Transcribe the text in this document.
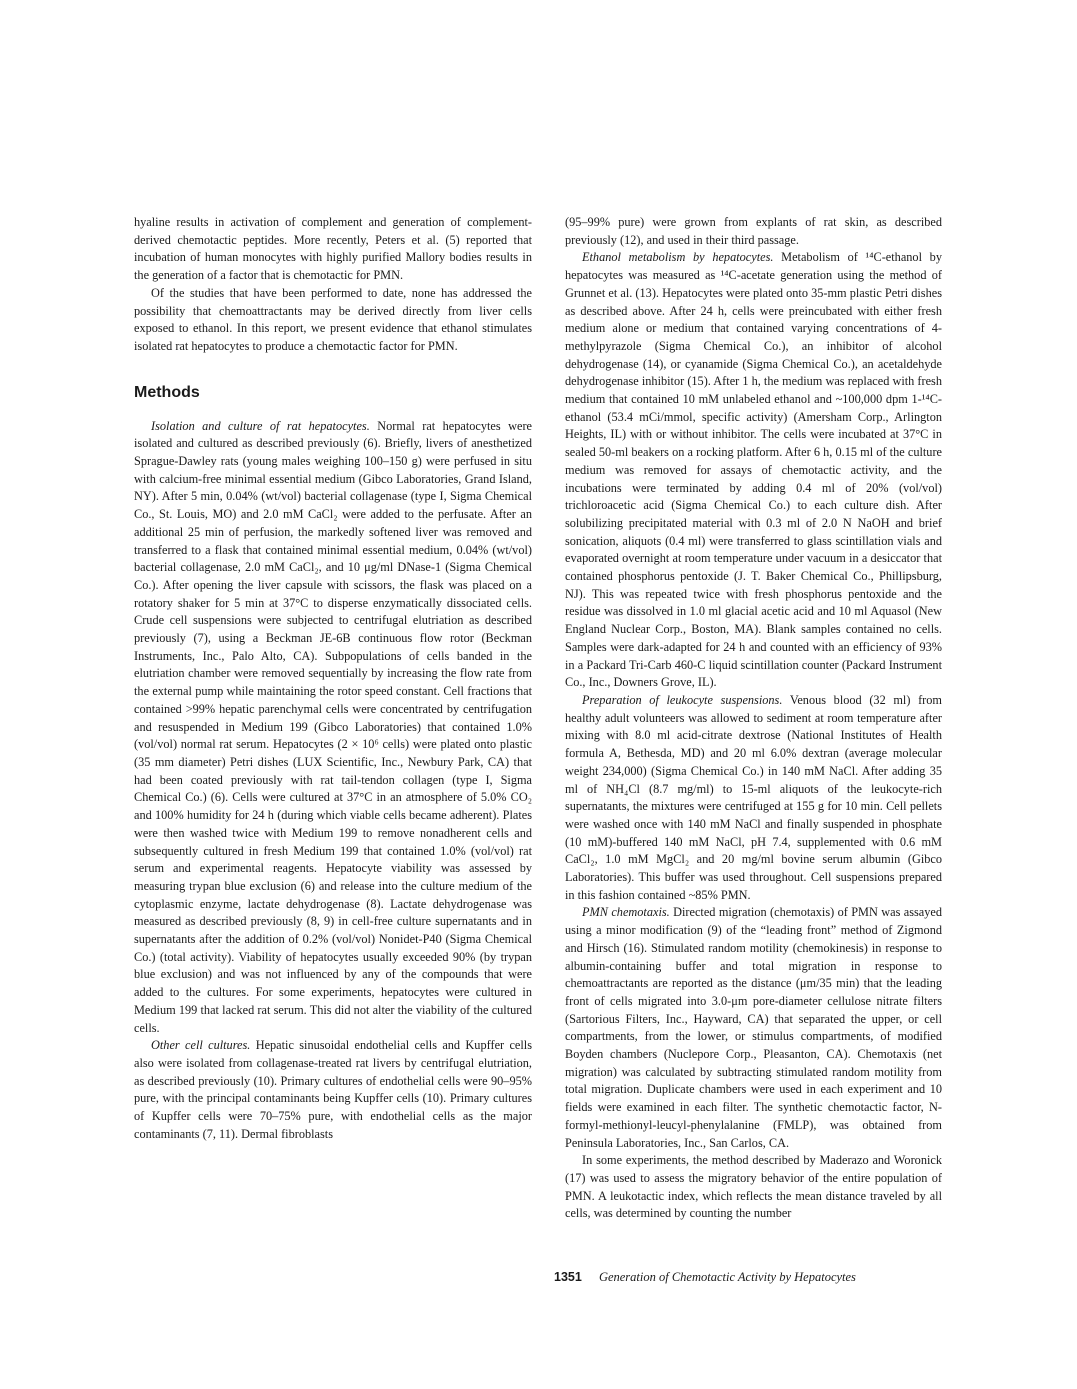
hyaline results in activation of complement and generation of complement-derived chemotactic peptides. More recently, Peters et al. (5) reported that incubation of human monocytes with highly purified Mallory bodies results in the generation of a factor that is chemotactic for PMN.

Of the studies that have been performed to date, none has addressed the possibility that chemoattractants may be derived directly from liver cells exposed to ethanol. In this report, we present evidence that ethanol stimulates isolated rat hepatocytes to produce a chemotactic factor for PMN.

Methods

Isolation and culture of rat hepatocytes. Normal rat hepatocytes were isolated and cultured as described previously (6). Briefly, livers of anesthetized Sprague-Dawley rats (young males weighing 100–150 g) were perfused in situ with calcium-free minimal essential medium (Gibco Laboratories, Grand Island, NY). After 5 min, 0.04% (wt/vol) bacterial collagenase (type I, Sigma Chemical Co., St. Louis, MO) and 2.0 mM CaCl₂ were added to the perfusate. After an additional 25 min of perfusion, the markedly softened liver was removed and transferred to a flask that contained minimal essential medium, 0.04% (wt/vol) bacterial collagenase, 2.0 mM CaCl₂, and 10 μg/ml DNase-1 (Sigma Chemical Co.). After opening the liver capsule with scissors, the flask was placed on a rotatory shaker for 5 min at 37°C to disperse enzymatically dissociated cells. Crude cell suspensions were subjected to centrifugal elutriation as described previously (7), using a Beckman JE-6B continuous flow rotor (Beckman Instruments, Inc., Palo Alto, CA). Subpopulations of cells banded in the elutriation chamber were removed sequentially by increasing the flow rate from the external pump while maintaining the rotor speed constant. Cell fractions that contained >99% hepatic parenchymal cells were concentrated by centrifugation and resuspended in Medium 199 (Gibco Laboratories) that contained 1.0% (vol/vol) normal rat serum. Hepatocytes (2 × 10⁶ cells) were plated onto plastic (35 mm diameter) Petri dishes (LUX Scientific, Inc., Newbury Park, CA) that had been coated previously with rat tail-tendon collagen (type I, Sigma Chemical Co.) (6). Cells were cultured at 37°C in an atmosphere of 5.0% CO₂ and 100% humidity for 24 h (during which viable cells became adherent). Plates were then washed twice with Medium 199 to remove nonadherent cells and subsequently cultured in fresh Medium 199 that contained 1.0% (vol/vol) rat serum and experimental reagents. Hepatocyte viability was assessed by measuring trypan blue exclusion (6) and release into the culture medium of the cytoplasmic enzyme, lactate dehydrogenase (8). Lactate dehydrogenase was measured as described previously (8, 9) in cell-free culture supernatants and in supernatants after the addition of 0.2% (vol/vol) Nonidet-P40 (Sigma Chemical Co.) (total activity). Viability of hepatocytes usually exceeded 90% (by trypan blue exclusion) and was not influenced by any of the compounds that were added to the cultures. For some experiments, hepatocytes were cultured in Medium 199 that lacked rat serum. This did not alter the viability of the cultured cells.

Other cell cultures. Hepatic sinusoidal endothelial cells and Kupffer cells also were isolated from collagenase-treated rat livers by centrifugal elutriation, as described previously (10). Primary cultures of endothelial cells were 90–95% pure, with the principal contaminants being Kupffer cells (10). Primary cultures of Kupffer cells were 70–75% pure, with endothelial cells as the major contaminants (7, 11). Dermal fibroblasts

(95–99% pure) were grown from explants of rat skin, as described previously (12), and used in their third passage.

Ethanol metabolism by hepatocytes. Metabolism of ¹⁴C-ethanol by hepatocytes was measured as ¹⁴C-acetate generation using the method of Grunnet et al. (13). Hepatocytes were plated onto 35-mm plastic Petri dishes as described above. After 24 h, cells were preincubated with either fresh medium alone or medium that contained varying concentrations of 4-methylpyrazole (Sigma Chemical Co.), an inhibitor of alcohol dehydrogenase (14), or cyanamide (Sigma Chemical Co.), an acetaldehyde dehydrogenase inhibitor (15). After 1 h, the medium was replaced with fresh medium that contained 10 mM unlabeled ethanol and ~100,000 dpm 1-¹⁴C-ethanol (53.4 mCi/mmol, specific activity) (Amersham Corp., Arlington Heights, IL) with or without inhibitor. The cells were incubated at 37°C in sealed 50-ml beakers on a rocking platform. After 6 h, 0.15 ml of the culture medium was removed for assays of chemotactic activity, and the incubations were terminated by adding 0.4 ml of 20% (vol/vol) trichloroacetic acid (Sigma Chemical Co.) to each culture dish. After solubilizing precipitated material with 0.3 ml of 2.0 N NaOH and brief sonication, aliquots (0.4 ml) were transferred to glass scintillation vials and evaporated overnight at room temperature under vacuum in a desiccator that contained phosphorus pentoxide (J. T. Baker Chemical Co., Phillipsburg, NJ). This was repeated twice with fresh phosphorus pentoxide and the residue was dissolved in 1.0 ml glacial acetic acid and 10 ml Aquasol (New England Nuclear Corp., Boston, MA). Blank samples contained no cells. Samples were dark-adapted for 24 h and counted with an efficiency of 93% in a Packard Tri-Carb 460-C liquid scintillation counter (Packard Instrument Co., Inc., Downers Grove, IL).

Preparation of leukocyte suspensions. Venous blood (32 ml) from healthy adult volunteers was allowed to sediment at room temperature after mixing with 8.0 ml acid-citrate dextrose (National Institutes of Health formula A, Bethesda, MD) and 20 ml 6.0% dextran (average molecular weight 234,000) (Sigma Chemical Co.) in 140 mM NaCl. After adding 35 ml of NH₄Cl (8.7 mg/ml) to 15-ml aliquots of the leukocyte-rich supernatants, the mixtures were centrifuged at 155 g for 10 min. Cell pellets were washed once with 140 mM NaCl and finally suspended in phosphate (10 mM)-buffered 140 mM NaCl, pH 7.4, supplemented with 0.6 mM CaCl₂, 1.0 mM MgCl₂ and 20 mg/ml bovine serum albumin (Gibco Laboratories). This buffer was used throughout. Cell suspensions prepared in this fashion contained ~85% PMN.

PMN chemotaxis. Directed migration (chemotaxis) of PMN was assayed using a minor modification (9) of the “leading front” method of Zigmond and Hirsch (16). Stimulated random motility (chemokinesis) in response to albumin-containing buffer and total migration in response to chemoattractants are reported as the distance (μm/35 min) that the leading front of cells migrated into 3.0-μm pore-diameter cellulose nitrate filters (Sartorious Filters, Inc., Hayward, CA) that separated the upper, or cell compartments, from the lower, or stimulus compartments, of modified Boyden chambers (Nuclepore Corp., Pleasanton, CA). Chemotaxis (net migration) was calculated by subtracting stimulated random motility from total migration. Duplicate chambers were used in each experiment and 10 fields were examined in each filter. The synthetic chemotactic factor, N-formyl-methionyl-leucyl-phenylalanine (FMLP), was obtained from Peninsula Laboratories, Inc., San Carlos, CA.

In some experiments, the method described by Maderazo and Woronick (17) was used to assess the migratory behavior of the entire population of PMN. A leukotactic index, which reflects the mean distance traveled by all cells, was determined by counting the number

1351 Generation of Chemotactic Activity by Hepatocytes
